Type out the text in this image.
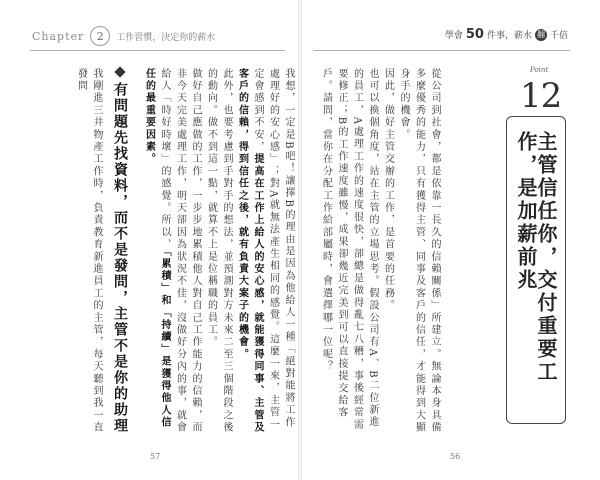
Chapter	2	工作習慣，決定你的薪水	學會 50 件事，薪水 翻 千倍
Point
12
主管信任你，交付重要工作，是加薪前兆
從公司到社會，都是依靠一長久的信賴關係」所建立。無論本身具備多麼優秀的能力，只有獲得主管、同事及客戶的信任，才能得到大顯身手的機會。
因此，做好主管交辦的工作，是首要的任務。
也可以換個角度，站在主管的立場思考。假設公司有A、B二位新進的員工，A處理工作的速度很快，卻總是做得亂七八糟，事後經常需要修正；B的工作速度雖慢，成果卻幾近完美到可以直接提交給客戶。請問，當你在分配工作給部屬時，會選擇哪一位呢？
我想，一定是B吧！讓擇B的理由是因為他給人一種「絕對能將工作處理好的安心感」；對A就無法產生相同的感覺。這麼一來，主管一定會感到不安，提高在工作上給人的安心感，就能獲得同事、主管及客戶的信賴，得到信任之後，就有負責大案子的機會。
此外，也要考慮到手對手的想法，並預測對方未來二至三個階段之後的動向。做不到這一點，就算不上是位稱職的員工。
做好自己應做的工作，一步步地累積他人對自己工作能力的信賴，而非今天完美處理工作，明天卻因為狀況不佳，沒做好分內的事，就會給人「時好時壞」的感覺。所以，「累積」和「持續」是獲得他人信任的最重要因素。
有問題先找資料，而不是發問，主管不是你的助理
我剛進三井物產工作時，負責教育新進員工的主管，每天聽到我一直發問
57	56
